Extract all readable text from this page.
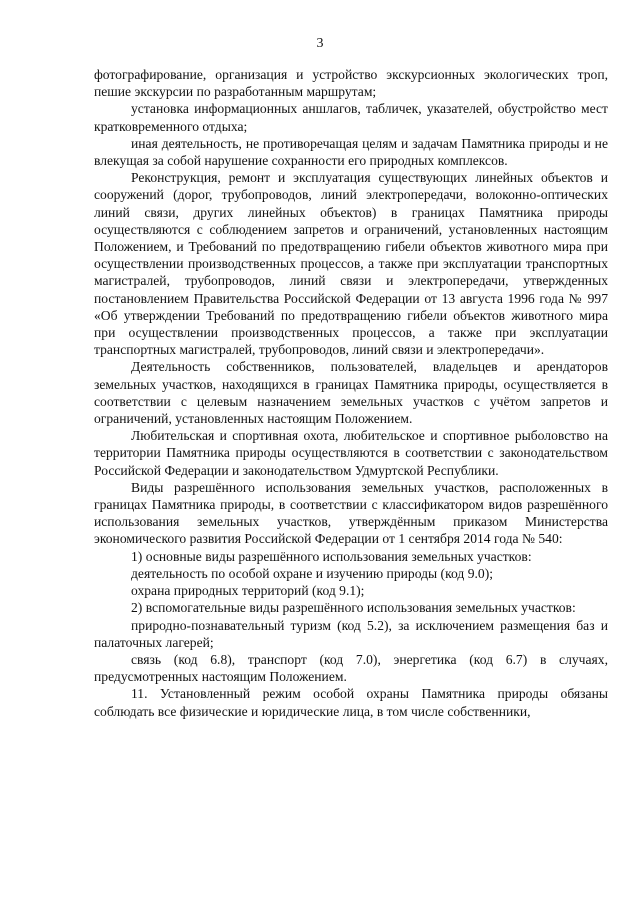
3

фотографирование, организация и устройство экскурсионных экологических троп, пешие экскурсии по разработанным маршрутам;

установка информационных аншлагов, табличек, указателей, обустройство мест кратковременного отдыха;

иная деятельность, не противоречащая целям и задачам Памятника природы и не влекущая за собой нарушение сохранности его природных комплексов.

Реконструкция, ремонт и эксплуатация существующих линейных объектов и сооружений (дорог, трубопроводов, линий электропередачи, волоконно-оптических линий связи, других линейных объектов) в границах Памятника природы осуществляются с соблюдением запретов и ограничений, установленных настоящим Положением, и Требований по предотвращению гибели объектов животного мира при осуществлении производственных процессов, а также при эксплуатации транспортных магистралей, трубопроводов, линий связи и электропередачи, утвержденных постановлением Правительства Российской Федерации от 13 августа 1996 года № 997 «Об утверждении Требований по предотвращению гибели объектов животного мира при осуществлении производственных процессов, а также при эксплуатации транспортных магистралей, трубопроводов, линий связи и электропередачи».

Деятельность собственников, пользователей, владельцев и арендаторов земельных участков, находящихся в границах Памятника природы, осуществляется в соответствии с целевым назначением земельных участков с учётом запретов и ограничений, установленных настоящим Положением.

Любительская и спортивная охота, любительское и спортивное рыболовство на территории Памятника природы осуществляются в соответствии с законодательством Российской Федерации и законодательством Удмуртской Республики.

Виды разрешённого использования земельных участков, расположенных в границах Памятника природы, в соответствии с классификатором видов разрешённого использования земельных участков, утверждённым приказом Министерства экономического развития Российской Федерации от 1 сентября 2014 года № 540:

1) основные виды разрешённого использования земельных участков:

деятельность по особой охране и изучению природы (код 9.0);

охрана природных территорий (код 9.1);

2) вспомогательные виды разрешённого использования земельных участков:

природно-познавательный туризм (код 5.2), за исключением размещения баз и палаточных лагерей;

связь (код 6.8), транспорт (код 7.0), энергетика (код 6.7) в случаях, предусмотренных настоящим Положением.

11. Установленный режим особой охраны Памятника природы обязаны соблюдать все физические и юридические лица, в том числе собственники,
